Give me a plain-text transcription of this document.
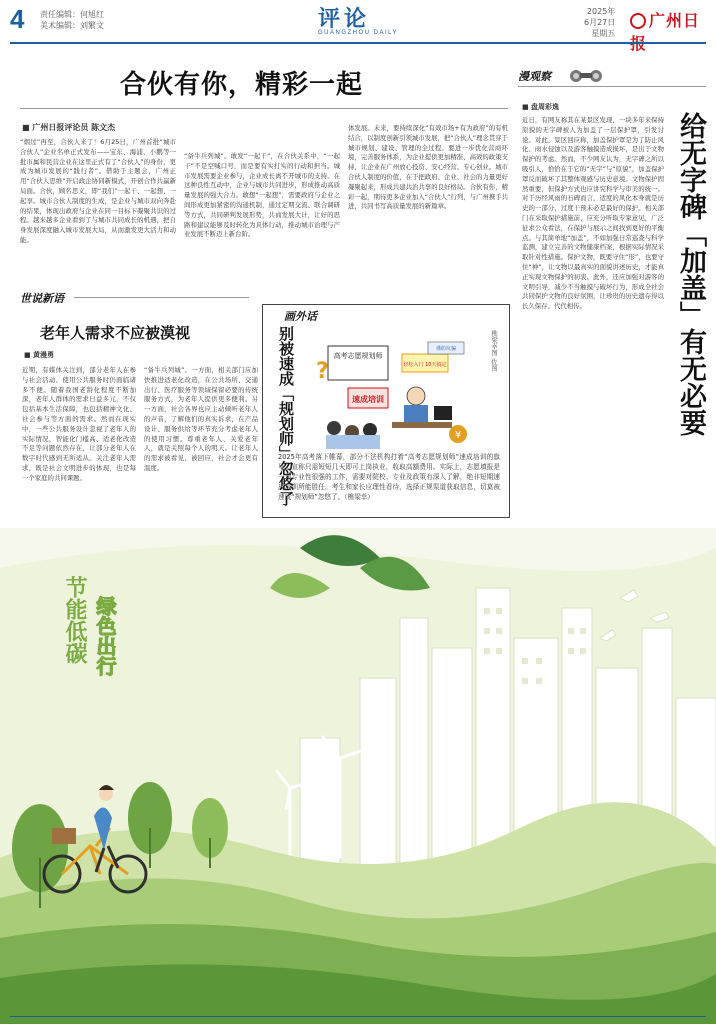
4 责任编辑：何旭红
美术编辑：刘繁文	评论
GUANGZHOU DAILY
2025年
6月27日
星期五
广州日
合伙有你，精彩一起
■ 广州日报评论员 陈文杰
“烟过”再至，合伙人来了！6月25日，广州首批“城市合伙人”企业名单正式发布——宝东、海浦、小鹏等一批市属和民营企业在这里正式有了“合伙人”的身份，更成为城市发展的“践行者”。借助于主题会，广州正用“合伙人思维”开启政企协同新模式，开创合作共赢新局面。合伙，顾名思义，即“我们”一起干、一起想、一起享。城市合伙人制度的生成，是企业与城市双向奔赴的结果，体现出政府与企业在同一目标下凝聚共识的过程。越来越多企业看到了与城市共同成长的机遇，把自身发展深度融入城市发展大局，从而激发更大活力和动能。
“备牛兵列城”。敢发“一起干”，在合伙关系中，“一起干”不是空喊口号，而是要有实打实的行动和担当。城市发展需要企业参与，企业成长离不开城市的支持。在这种良性互动中，企业与城市共同进步，形成推动高质量发展的强大合力。敢想“一起想”，需要政府与企业之间形成更加紧密的沟通机制，通过定期交流、联合调研等方式，共同研判发展形势，共商发展大计，让好的思路和建议能够及时转化为具体行动，推动城市治理与产业发展不断迈上新台阶。
体发展。未来，要持续深化“有效市场+有为政府”的有机结合，以制度创新引领城市发展，把“合伙人”理念贯穿于城市规划、建设、管理的全过程。要进一步优化营商环境，完善服务体系，为企业提供更加精准、高效的政策支持，让企业在广州放心投资、安心经营、专心创业。城市合伙人制度的价值，在于把政府、企业、社会的力量更好凝聚起来，形成共建共治共享的良好格局。合伙有你，精彩一起，期待更多企业加入“合伙人”行列，与广州携手共进，共同书写高质量发展的新篇章。
漫观察
■ 盘周彩逸
给无字碑「加盖」有无必要
近日，有网友称其在某景区发现，一块多年来保持原貌的无字碑被人为加盖了一层保护罩，引发讨论。对此，景区回应称，加盖保护罩是为了防止风化、雨水侵蚀以及游客触摸造成损坏，是出于文物保护的考虑。然而，不少网友认为，无字碑之所以吸引人，恰恰在于它的“无字”与“原貌”，加盖保护罩反而破坏了其整体观感与历史意境。文物保护固然重要，但保护方式也应讲究科学与审美的统一。对于历经风雨的石碑而言，适度的风化本身就是历史的一部分，过度干预未必是最好的保护。相关部门在采取保护措施前，应充分听取专家意见，广泛征求公众看法，在保护与展示之间找到更好的平衡点。与其简单地“加盖”，不如加强日常巡查与科学监测，建立完善的文物健康档案，根据实际情况采取针对性措施。保护文物，既要守住“形”，也要守住“神”，让文物以最真实的面貌讲述历史，才能真正实现文物保护的初衷。此外，还应加强对游客的文明引导，减少不当触摸与破坏行为，形成全社会共同保护文物的良好氛围，让珍贵的历史遗存得以长久保存、代代相传。
世说新语
老年人需求不应被漠视
■ 黄漫勇
近期，有媒体关注到，部分老年人在参与社会活动、使用公共服务时仍面临诸多不便。随着我国老龄化程度不断加深，老年人群体的需求日益多元，不仅包括基本生活保障，也包括精神文化、社会参与等方面的需求。然而在现实中，一些公共服务设计忽视了老年人的实际情况，智能化门槛高、适老化改造不足等问题依然存在，让部分老年人在数字时代感到无所适从。关注老年人需求，既是社会文明进步的体现，也是每一个家庭的共同课题。
“备牛兵列城”。一方面，相关部门应加快推进适老化改造，在公共场所、交通出行、医疗服务等领域保留必要的传统服务方式，为老年人提供更多便利。另一方面，社会各界也应主动倾听老年人的声音，了解他们的真实诉求，在产品设计、服务供给等环节充分考虑老年人的使用习惯。尊重老年人、关爱老年人，就是关照每个人的明天。让老年人的需求被看见、被回应，社会才会更有温度。
画外话
别被速成「规划师」忽悠了	樵梁幸图 佐图
高考志愿规划师
?	轻松入门 10天搞定
谨防坑骗
速成培训
¥
2025年高考落下帷幕，部分不法机构打着“高考志愿规划师”速成培训的旗号，宣称只需短短几天即可上岗执业，收取高额费用。实际上，志愿填报是一项专业性很强的工作，需要对院校、专业及政策有深入了解，绝非短期速成培训所能胜任。考生和家长应理性看待，选择正规渠道获取信息，切莫被速成“规划师”忽悠了。（樵梁幸）
节能低碳 绿色出行
